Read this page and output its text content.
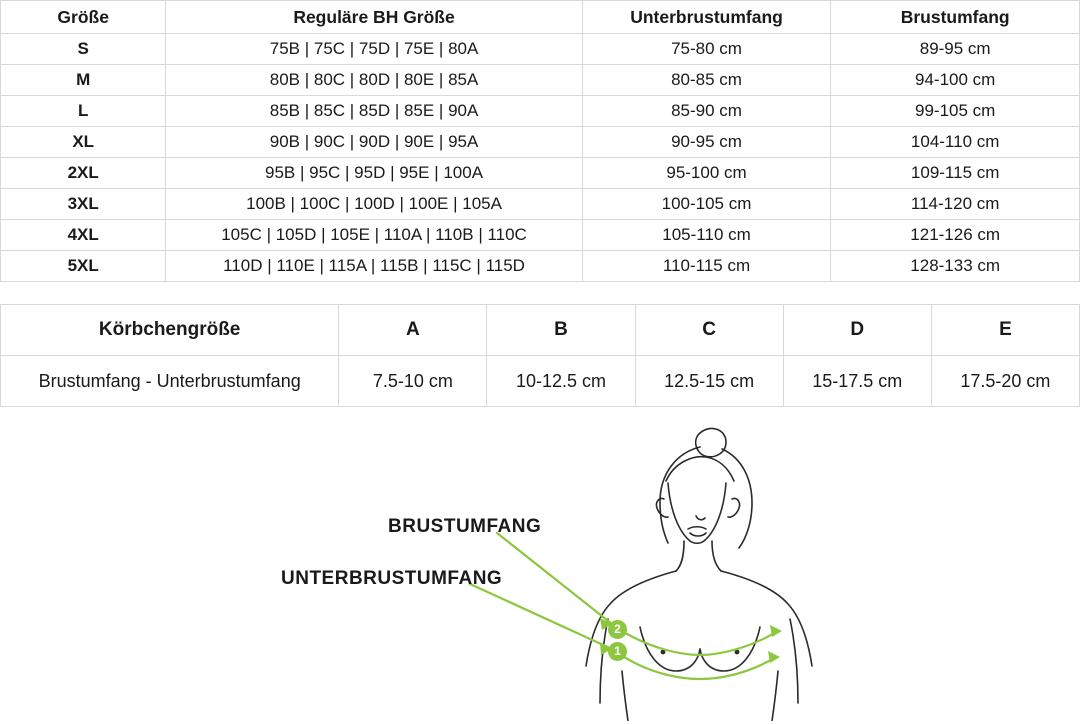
Größe	Reguläre BH Größe	Unterbrustumfang	Brustumfang
S	75B | 75C | 75D | 75E | 80A	75-80 cm	89-95 cm
M	80B | 80C | 80D | 80E | 85A	80-85 cm	94-100 cm
L	85B | 85C | 85D | 85E | 90A	85-90 cm	99-105 cm
XL	90B | 90C | 90D | 90E | 95A	90-95 cm	104-110 cm
2XL	95B | 95C | 95D | 95E | 100A	95-100 cm	109-115 cm
3XL	100B | 100C | 100D | 100E | 105A	100-105 cm	114-120 cm
4XL	105C | 105D | 105E | 110A | 110B | 110C	105-110 cm	121-126 cm
5XL	110D | 110E | 115A | 115B | 115C | 115D	110-115 cm	128-133 cm
Körbchengröße	A	B	C	D	E
Brustumfang - Unterbrustumfang	7.5-10 cm	10-12.5 cm	12.5-15 cm	15-17.5 cm	17.5-20 cm
BRUSTUMFANG
UNTERBRUSTUMFANG
2
1
